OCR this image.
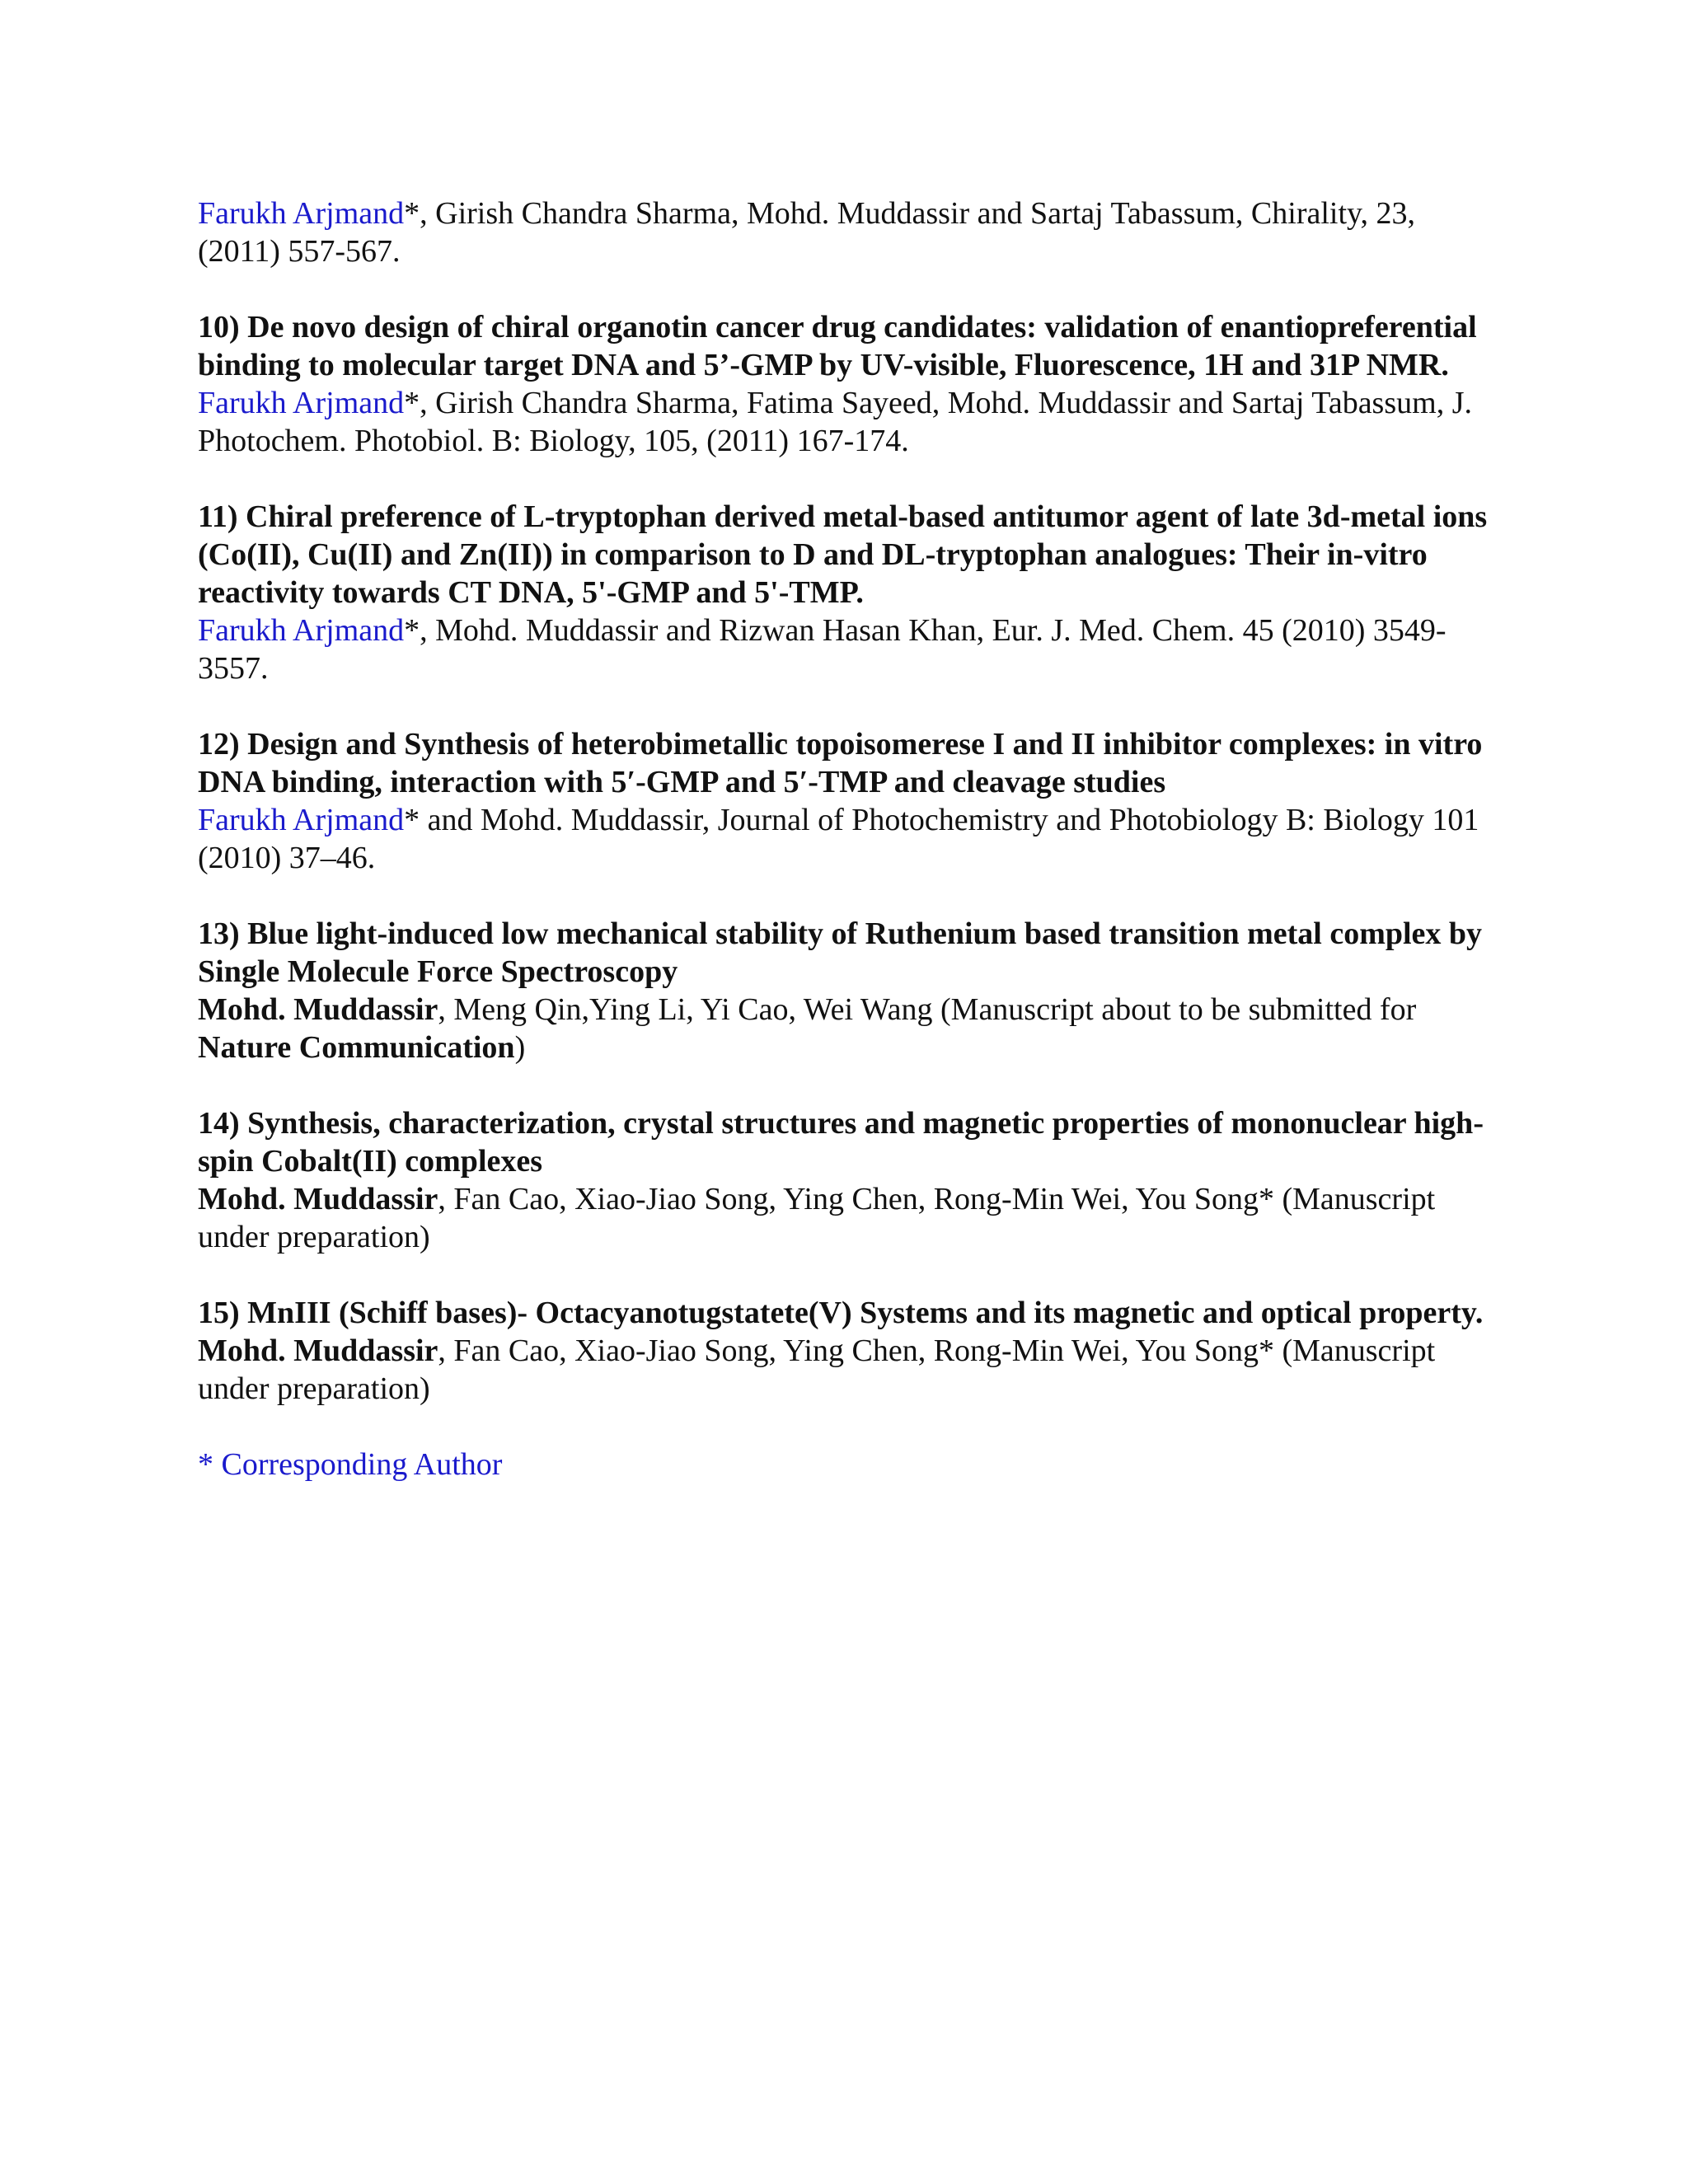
Farukh Arjmand*, Girish Chandra Sharma, Mohd. Muddassir and Sartaj Tabassum, Chirality, 23, (2011) 557-567.
10) De novo design of chiral organotin cancer drug candidates: validation of enantiopreferential binding to molecular target DNA and 5’-GMP by UV-visible, Fluorescence, 1H and 31P NMR.
Farukh Arjmand*, Girish Chandra Sharma, Fatima Sayeed, Mohd. Muddassir and Sartaj Tabassum, J. Photochem. Photobiol. B: Biology, 105, (2011) 167-174.
11) Chiral preference of L-tryptophan derived metal-based antitumor agent of late 3d-metal ions (Co(II), Cu(II) and Zn(II)) in comparison to D and DL-tryptophan analogues: Their in-vitro reactivity towards CT DNA, 5'-GMP and 5'-TMP.
Farukh Arjmand*, Mohd. Muddassir and Rizwan Hasan Khan, Eur. J. Med. Chem. 45 (2010) 3549-3557.
12) Design and Synthesis of heterobimetallic topoisomerese I and II inhibitor complexes: in vitro DNA binding, interaction with 5′-GMP and 5′-TMP and cleavage studies
Farukh Arjmand* and Mohd. Muddassir, Journal of Photochemistry and Photobiology B: Biology 101 (2010) 37–46.
13) Blue light-induced low mechanical stability of Ruthenium based transition metal complex by Single Molecule Force Spectroscopy
Mohd. Muddassir, Meng Qin,Ying Li, Yi Cao, Wei Wang (Manuscript about to be submitted for Nature Communication)
14) Synthesis, characterization, crystal structures and magnetic properties of mononuclear high-spin Cobalt(II) complexes
Mohd. Muddassir, Fan Cao, Xiao-Jiao Song, Ying Chen, Rong-Min Wei, You Song* (Manuscript under preparation)
15) MnIII (Schiff bases)- Octacyanotugstatete(V) Systems and its magnetic and optical property.
Mohd. Muddassir, Fan Cao, Xiao-Jiao Song, Ying Chen, Rong-Min Wei, You Song* (Manuscript under preparation)
* Corresponding Author
